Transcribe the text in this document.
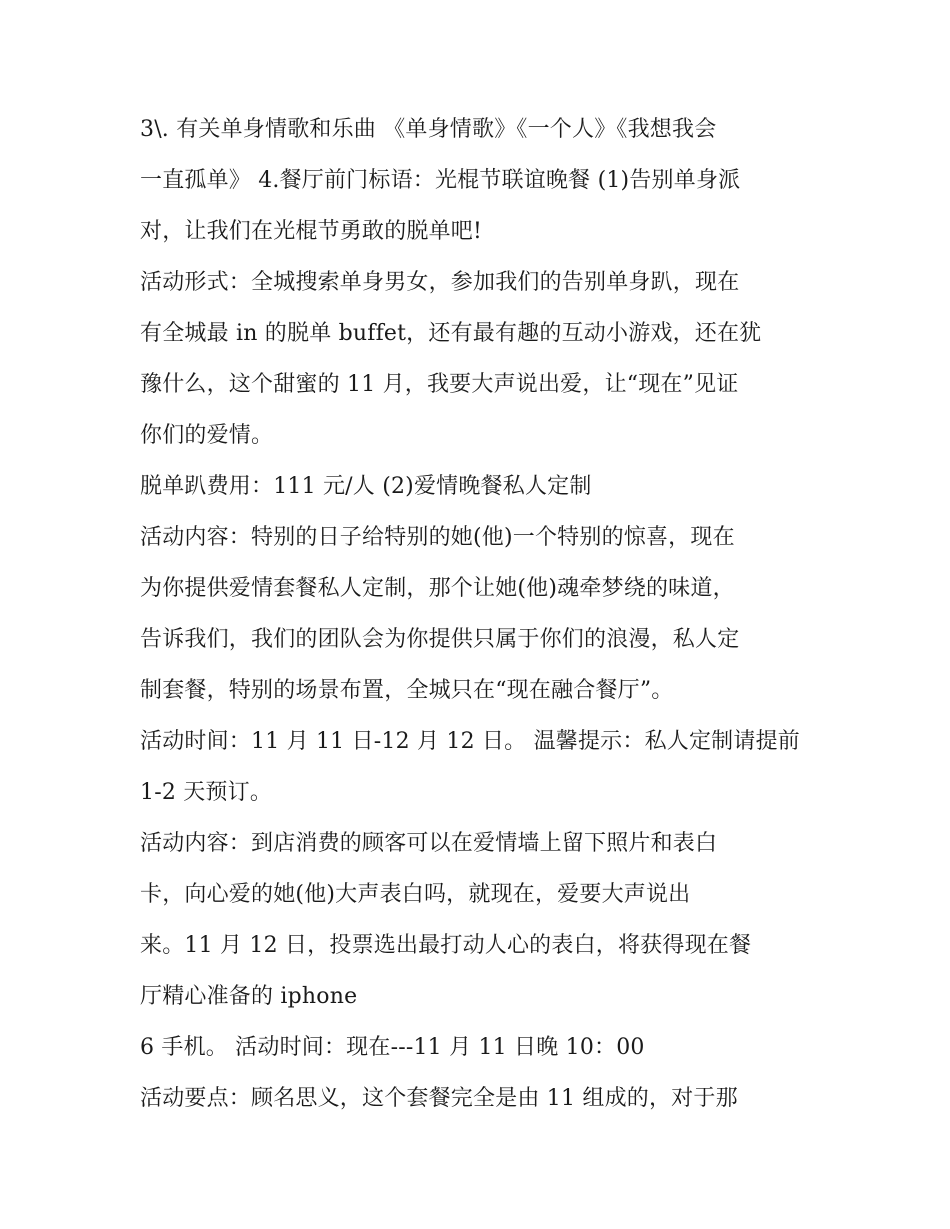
3\. 有关单身情歌和乐曲 《单身情歌》《一个人》《我想我会
一直孤单》 4.餐厅前门标语：光棍节联谊晚餐 (1)告别单身派
对，让我们在光棍节勇敢的脱单吧!
活动形式：全城搜索单身男女，参加我们的告别单身趴，现在
有全城最 in 的脱单 buffet，还有最有趣的互动小游戏，还在犹
豫什么，这个甜蜜的 11 月，我要大声说出爱，让“现在”见证
你们的爱情。
脱单趴费用：111 元/人 (2)爱情晚餐私人定制
活动内容：特别的日子给特别的她(他)一个特别的惊喜，现在
为你提供爱情套餐私人定制，那个让她(他)魂牵梦绕的味道，
告诉我们，我们的团队会为你提供只属于你们的浪漫，私人定
制套餐，特别的场景布置，全城只在“现在融合餐厅”。
活动时间：11 月 11 日-12 月 12 日。 温馨提示：私人定制请提前
1-2 天预订。
活动内容：到店消费的顾客可以在爱情墙上留下照片和表白
卡，向心爱的她(他)大声表白吗，就现在，爱要大声说出
来。11 月 12 日，投票选出最打动人心的表白，将获得现在餐
厅精心准备的 iphone
6 手机。 活动时间：现在---11 月 11 日晚 10：00
活动要点：顾名思义，这个套餐完全是由 11 组成的，对于那
